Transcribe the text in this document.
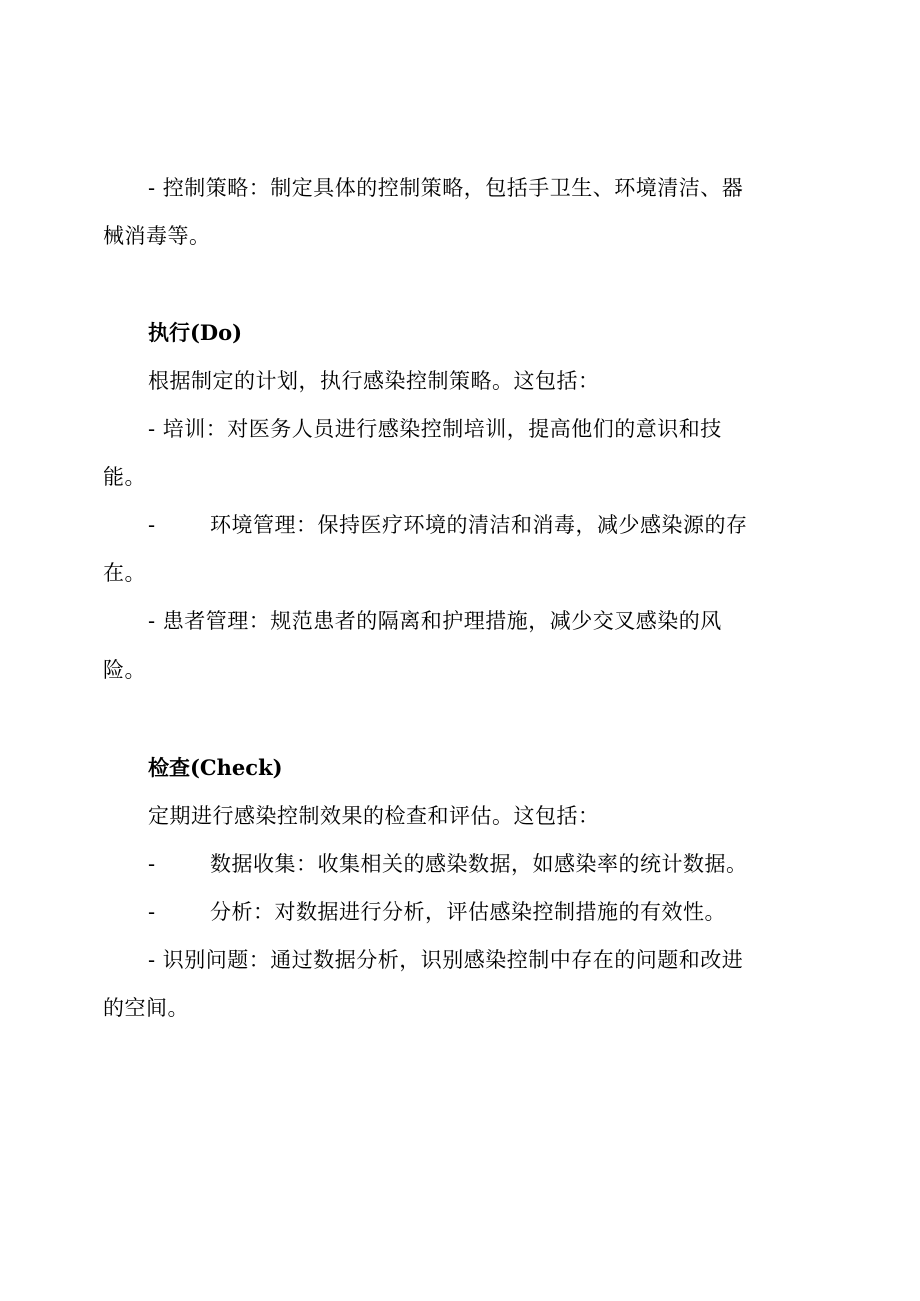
- 控制策略：制定具体的控制策略，包括手卫生、环境清洁、器
械消毒等。
执行(Do)
根据制定的计划，执行感染控制策略。这包括：
- 培训：对医务人员进行感染控制培训，提高他们的意识和技
能。
-	环境管理：保持医疗环境的清洁和消毒，减少感染源的存
在。
- 患者管理：规范患者的隔离和护理措施，减少交叉感染的风
险。
检查(Check)
定期进行感染控制效果的检查和评估。这包括：
-	数据收集：收集相关的感染数据，如感染率的统计数据。
-	分析：对数据进行分析，评估感染控制措施的有效性。
- 识别问题：通过数据分析，识别感染控制中存在的问题和改进
的空间。
